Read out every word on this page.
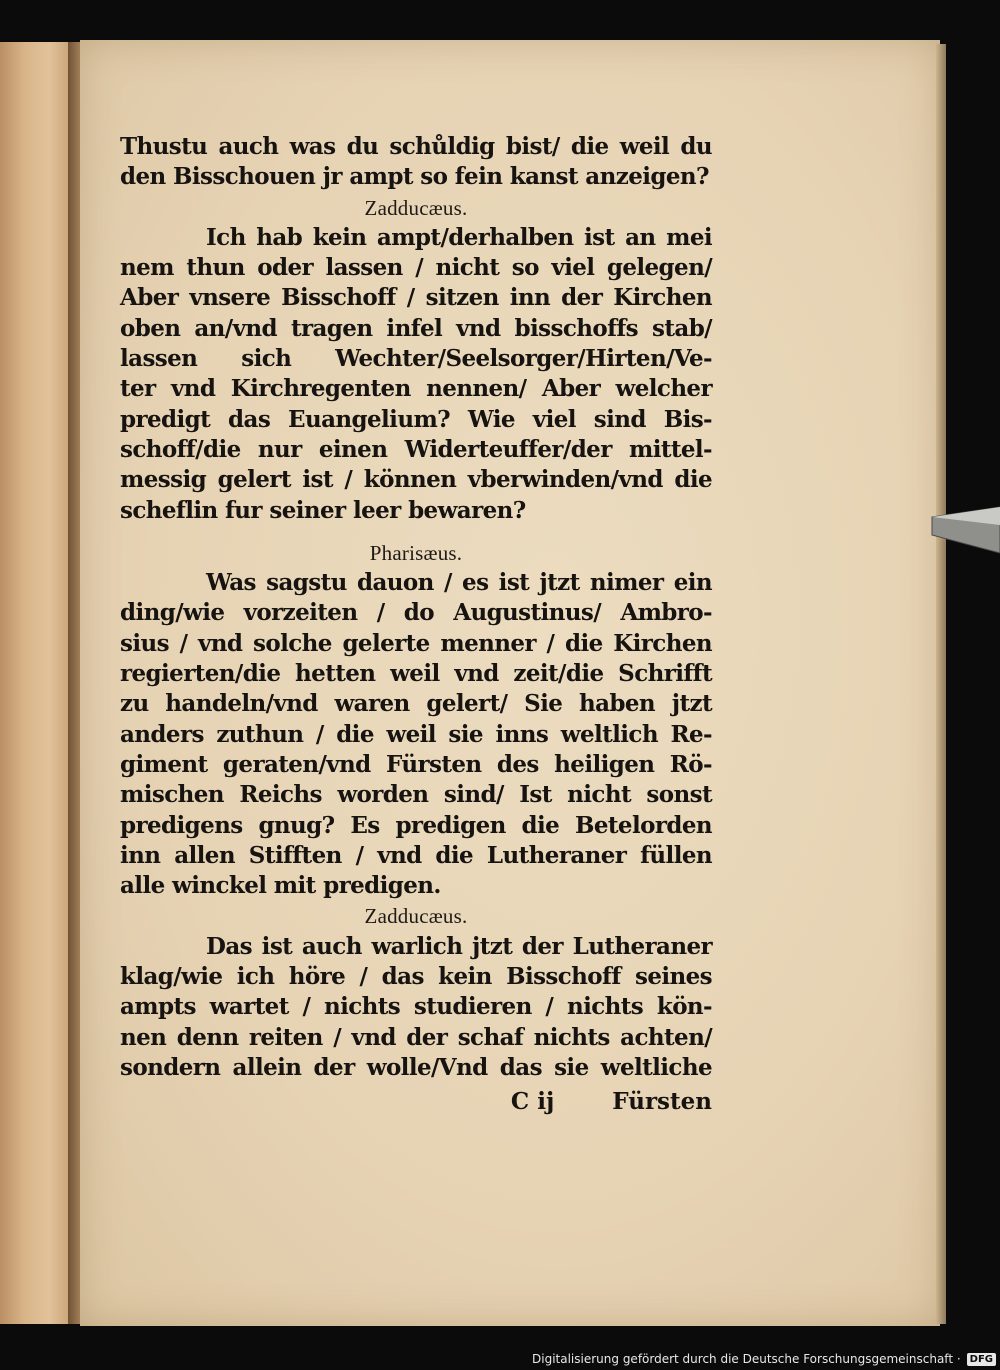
Thustu auch was du schůldig bist/ die weil du
den Bisschouen jr ampt so fein kanst anzeigen?
Zadducæus.
Ich hab kein ampt/derhalben ist an mei
nem thun oder lassen / nicht so viel gelegen/
Aber vnsere Bisschoff / sitzen inn der Kirchen
oben an/vnd tragen infel vnd bisschoffs stab/
lassen sich Wechter/Seelsorger/Hirten/Ve-
ter vnd Kirchregenten nennen/ Aber welcher
predigt das Euangelium? Wie viel sind Bis-
schoff/die nur einen Widerteuffer/der mittel-
messig gelert ist / können vberwinden/vnd die
scheflin fur seiner leer bewaren?
Pharisæus.
Was sagstu dauon / es ist jtzt nimer ein
ding/wie vorzeiten / do Augustinus/ Ambro-
sius / vnd solche gelerte menner / die Kirchen
regierten/die hetten weil vnd zeit/die Schrifft
zu handeln/vnd waren gelert/ Sie haben jtzt
anders zuthun / die weil sie inns weltlich Re-
giment geraten/vnd Fürsten des heiligen Rö-
mischen Reichs worden sind/ Ist nicht sonst
predigens gnug? Es predigen die Betelorden
inn allen Stifften / vnd die Lutheraner füllen
alle winckel mit predigen.
Zadducæus.
Das ist auch warlich jtzt der Lutheraner
klag/wie ich höre / das kein Bisschoff seines
ampts wartet / nichts studieren / nichts kön-
nen denn reiten / vnd der schaf nichts achten/
sondern allein der wolle/Vnd das sie weltliche
C ij	Fürsten
Digitalisierung gefördert durch die Deutsche Forschungsgemeinschaft · DFG
